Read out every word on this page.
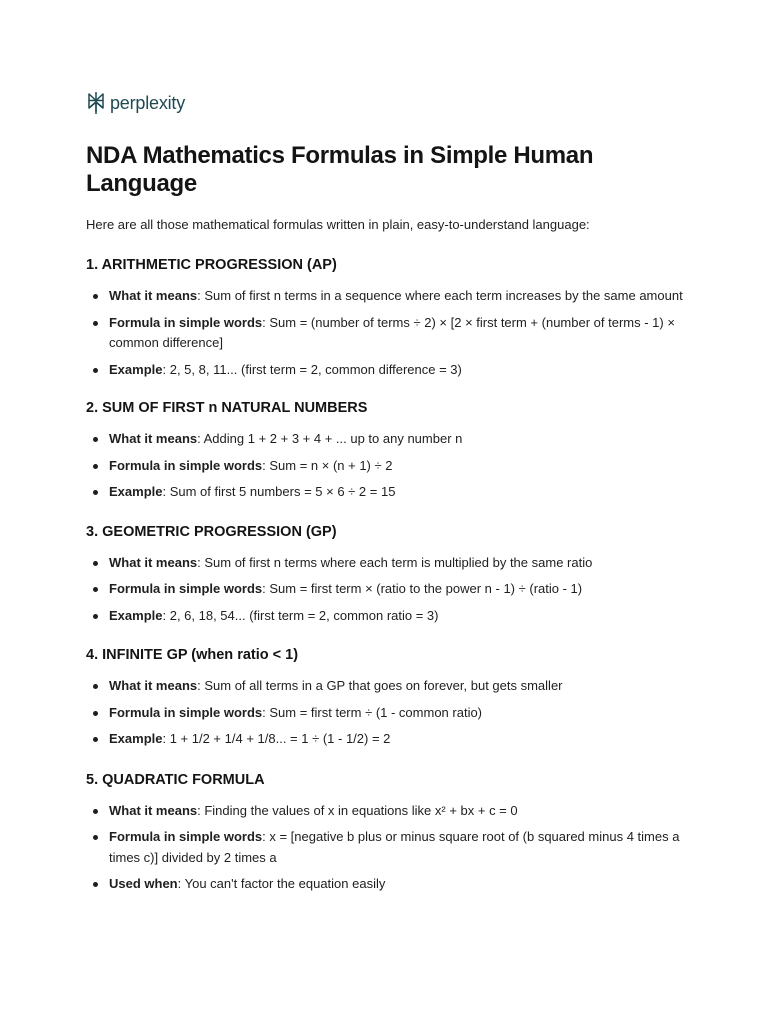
perplexity
NDA Mathematics Formulas in Simple Human Language

Here are all those mathematical formulas written in plain, easy-to-understand language:

1. ARITHMETIC PROGRESSION (AP)
What it means: Sum of first n terms in a sequence where each term increases by the same amount
Formula in simple words: Sum = (number of terms ÷ 2) × [2 × first term + (number of terms - 1) × common difference]
Example: 2, 5, 8, 11... (first term = 2, common difference = 3)
2. SUM OF FIRST n NATURAL NUMBERS
What it means: Adding 1 + 2 + 3 + 4 + ... up to any number n
Formula in simple words: Sum = n × (n + 1) ÷ 2
Example: Sum of first 5 numbers = 5 × 6 ÷ 2 = 15
3. GEOMETRIC PROGRESSION (GP)
What it means: Sum of first n terms where each term is multiplied by the same ratio
Formula in simple words: Sum = first term × (ratio to the power n - 1) ÷ (ratio - 1)
Example: 2, 6, 18, 54... (first term = 2, common ratio = 3)
4. INFINITE GP (when ratio < 1)
What it means: Sum of all terms in a GP that goes on forever, but gets smaller
Formula in simple words: Sum = first term ÷ (1 - common ratio)
Example: 1 + 1/2 + 1/4 + 1/8... = 1 ÷ (1 - 1/2) = 2
5. QUADRATIC FORMULA
What it means: Finding the values of x in equations like x² + bx + c = 0
Formula in simple words: x = [negative b plus or minus square root of (b squared minus 4 times a times c)] divided by 2 times a
Used when: You can't factor the equation easily
